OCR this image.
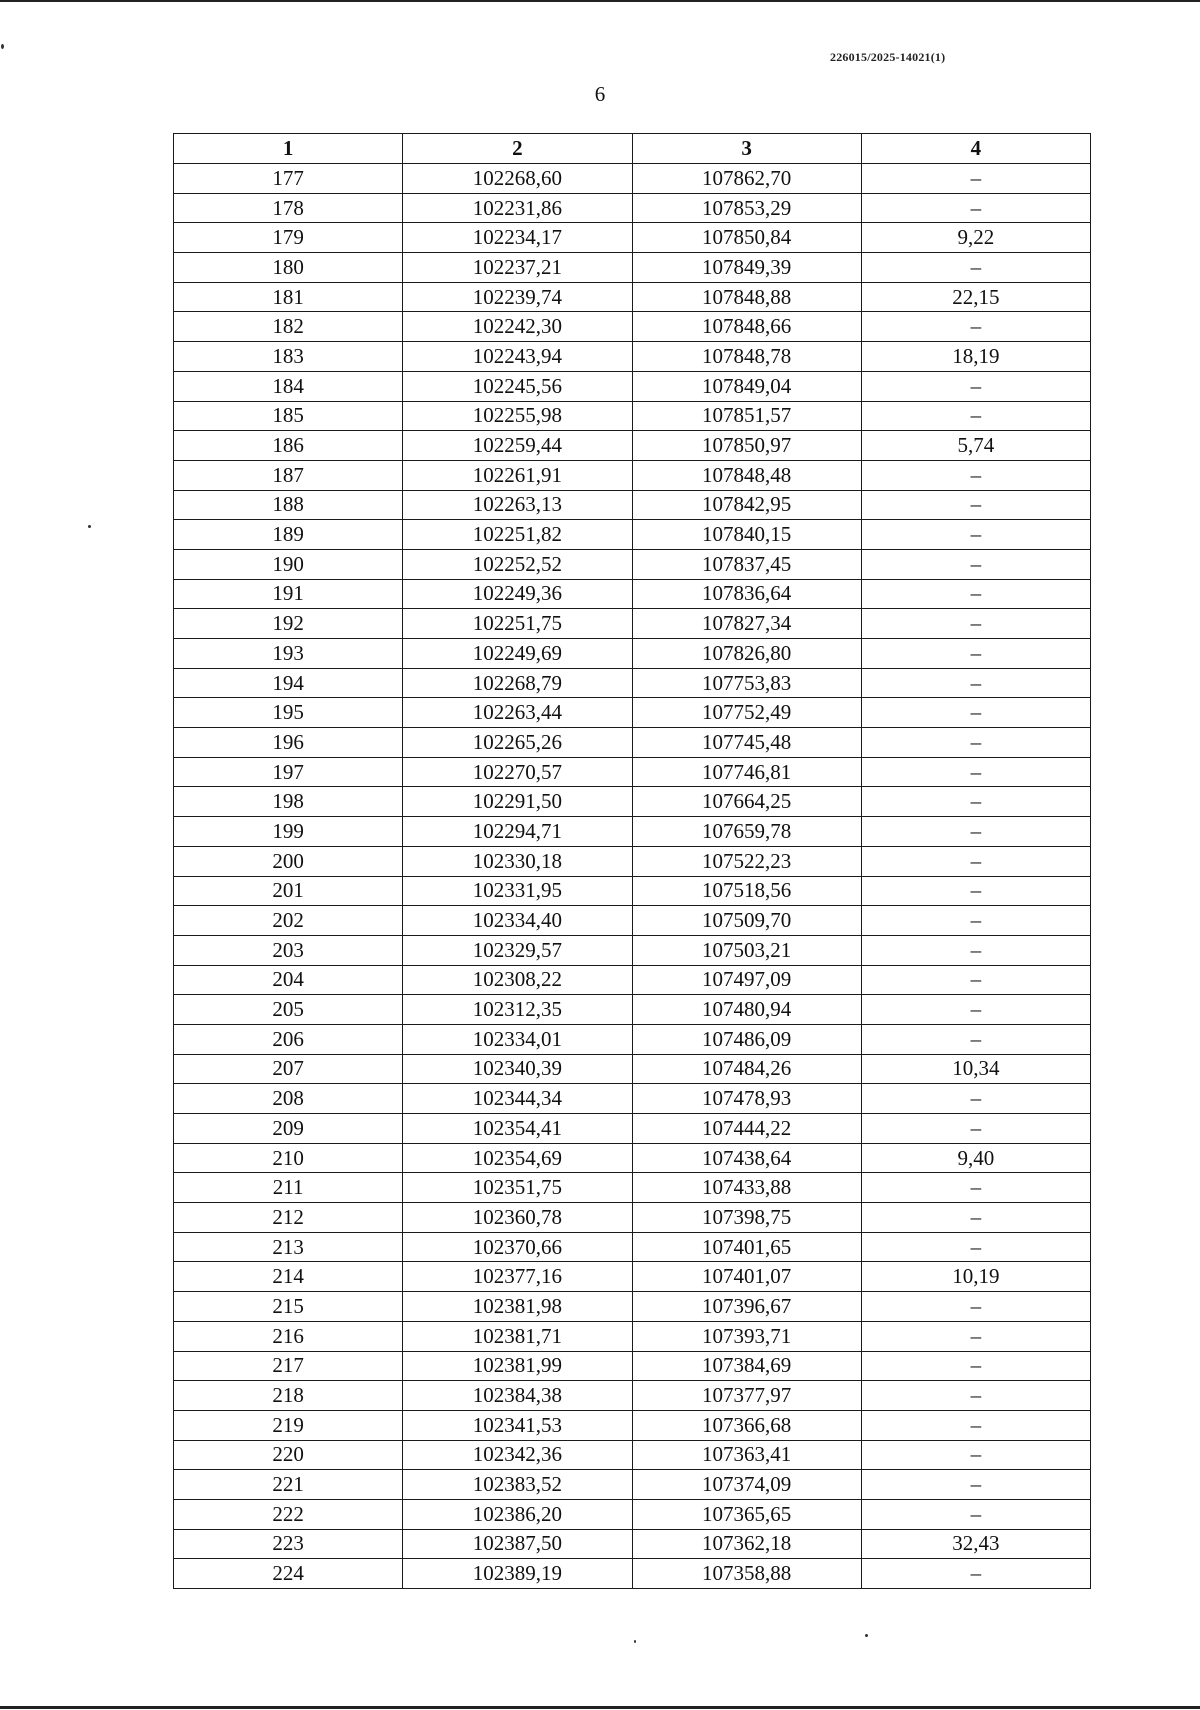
226015/2025-14021(1)
6
1	2	3	4
177	102268,60	107862,70	–
178	102231,86	107853,29	–
179	102234,17	107850,84	9,22
180	102237,21	107849,39	–
181	102239,74	107848,88	22,15
182	102242,30	107848,66	–
183	102243,94	107848,78	18,19
184	102245,56	107849,04	–
185	102255,98	107851,57	–
186	102259,44	107850,97	5,74
187	102261,91	107848,48	–
188	102263,13	107842,95	–
189	102251,82	107840,15	–
190	102252,52	107837,45	–
191	102249,36	107836,64	–
192	102251,75	107827,34	–
193	102249,69	107826,80	–
194	102268,79	107753,83	–
195	102263,44	107752,49	–
196	102265,26	107745,48	–
197	102270,57	107746,81	–
198	102291,50	107664,25	–
199	102294,71	107659,78	–
200	102330,18	107522,23	–
201	102331,95	107518,56	–
202	102334,40	107509,70	–
203	102329,57	107503,21	–
204	102308,22	107497,09	–
205	102312,35	107480,94	–
206	102334,01	107486,09	–
207	102340,39	107484,26	10,34
208	102344,34	107478,93	–
209	102354,41	107444,22	–
210	102354,69	107438,64	9,40
211	102351,75	107433,88	–
212	102360,78	107398,75	–
213	102370,66	107401,65	–
214	102377,16	107401,07	10,19
215	102381,98	107396,67	–
216	102381,71	107393,71	–
217	102381,99	107384,69	–
218	102384,38	107377,97	–
219	102341,53	107366,68	–
220	102342,36	107363,41	–
221	102383,52	107374,09	–
222	102386,20	107365,65	–
223	102387,50	107362,18	32,43
224	102389,19	107358,88	–
